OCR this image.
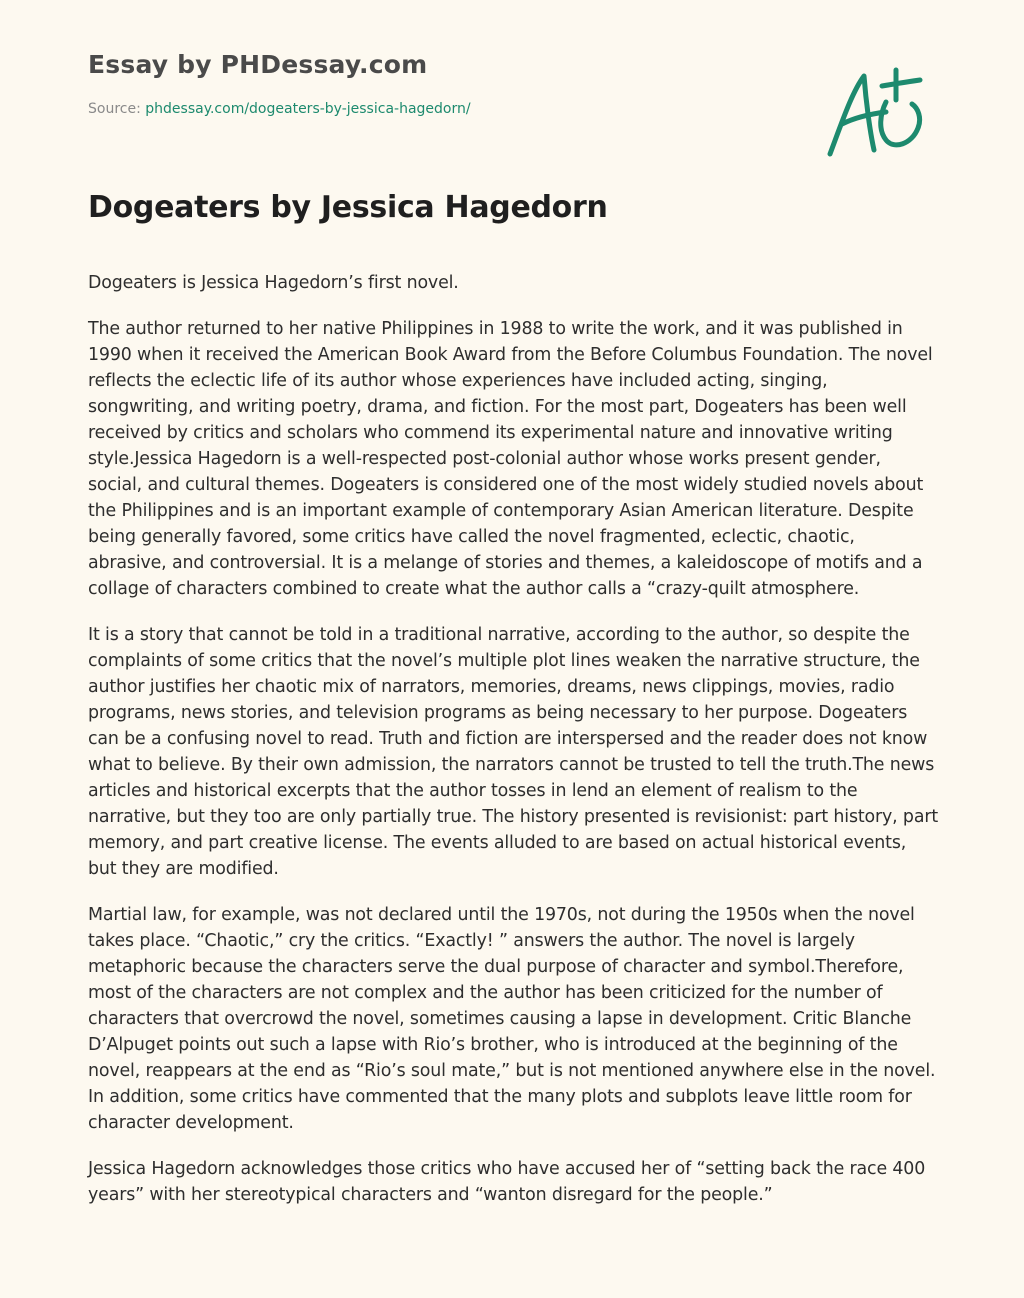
Essay by PHDessay.com
Source: phdessay.com/dogeaters-by-jessica-hagedorn/
Dogeaters by Jessica Hagedorn

Dogeaters is Jessica Hagedorn’s first novel.

The author returned to her native Philippines in 1988 to write the work, and it was published in 1990 when it received the American Book Award from the Before Columbus Foundation. The novel reflects the eclectic life of its author whose experiences have included acting, singing, songwriting, and writing poetry, drama, and fiction. For the most part, Dogeaters has been well received by critics and scholars who commend its experimental nature and innovative writing style.Jessica Hagedorn is a well-respected post-colonial author whose works present gender, social, and cultural themes. Dogeaters is considered one of the most widely studied novels about the Philippines and is an important example of contemporary Asian American literature. Despite being generally favored, some critics have called the novel fragmented, eclectic, chaotic, abrasive, and controversial. It is a melange of stories and themes, a kaleidoscope of motifs and a collage of characters combined to create what the author calls a “crazy-quilt atmosphere.

It is a story that cannot be told in a traditional narrative, according to the author, so despite the complaints of some critics that the novel’s multiple plot lines weaken the narrative structure, the author justifies her chaotic mix of narrators, memories, dreams, news clippings, movies, radio programs, news stories, and television programs as being necessary to her purpose. Dogeaters can be a confusing novel to read. Truth and fiction are interspersed and the reader does not know what to believe. By their own admission, the narrators cannot be trusted to tell the truth.The news articles and historical excerpts that the author tosses in lend an element of realism to the narrative, but they too are only partially true. The history presented is revisionist: part history, part memory, and part creative license. The events alluded to are based on actual historical events, but they are modified.

Martial law, for example, was not declared until the 1970s, not during the 1950s when the novel takes place. “Chaotic,” cry the critics. “Exactly! ” answers the author. The novel is largely metaphoric because the characters serve the dual purpose of character and symbol.Therefore, most of the characters are not complex and the author has been criticized for the number of characters that overcrowd the novel, sometimes causing a lapse in development. Critic Blanche D’Alpuget points out such a lapse with Rio’s brother, who is introduced at the beginning of the novel, reappears at the end as “Rio’s soul mate,” but is not mentioned anywhere else in the novel. In addition, some critics have commented that the many plots and subplots leave little room for character development.

Jessica Hagedorn acknowledges those critics who have accused her of “setting back the race 400 years” with her stereotypical characters and “wanton disregard for the people.”
